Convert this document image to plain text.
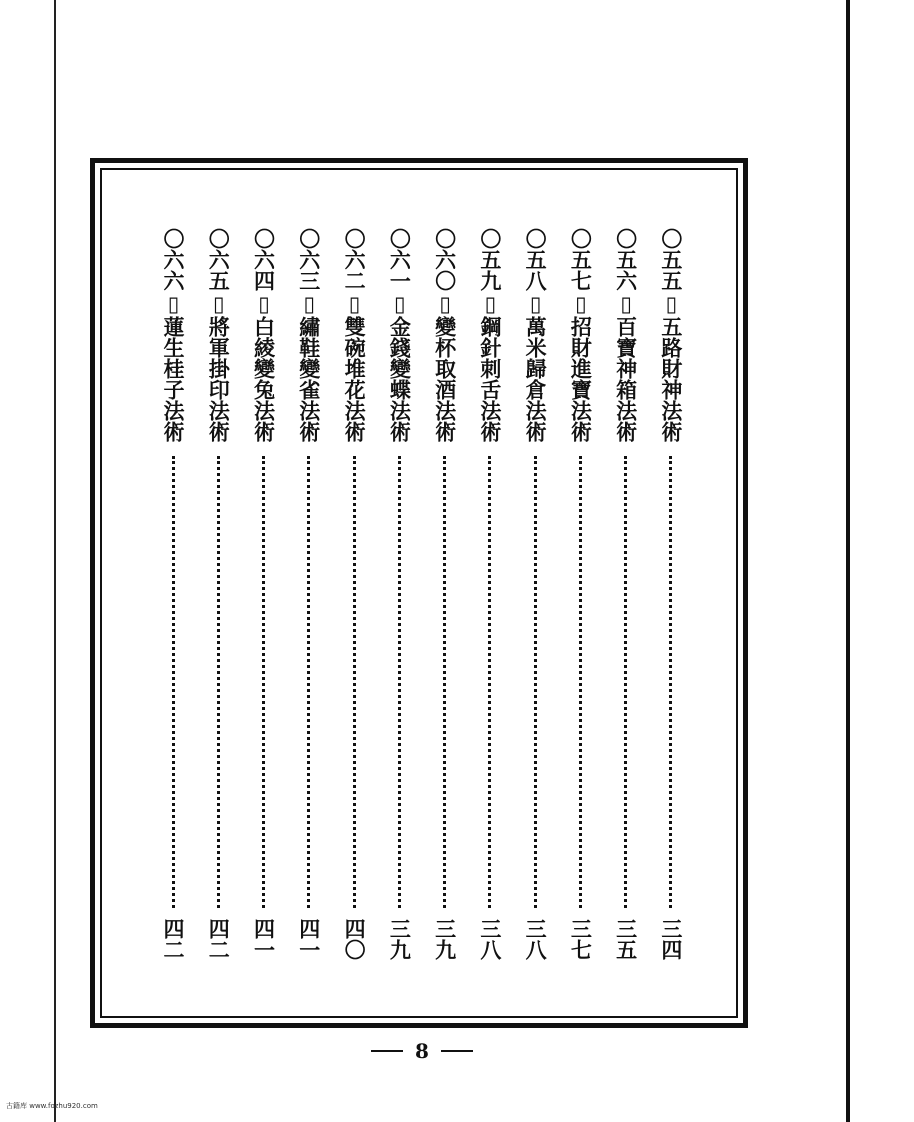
〇五五▯五路財神法術
三四
〇五六▯百寶神箱法術
三五
〇五七▯招財進寶法術
三七
〇五八▯萬米歸倉法術
三八
〇五九▯鋼針刺舌法術
三八
〇六〇▯變杯取酒法術
三九
〇六一▯金錢變蝶法術
三九
〇六二▯雙碗堆花法術
四〇
〇六三▯繡鞋變雀法術
四一
〇六四▯白綾變兔法術
四一
〇六五▯將軍掛印法術
四二
〇六六▯蓮生桂子法術
四二
8
古籍库 www.fozhu920.com
